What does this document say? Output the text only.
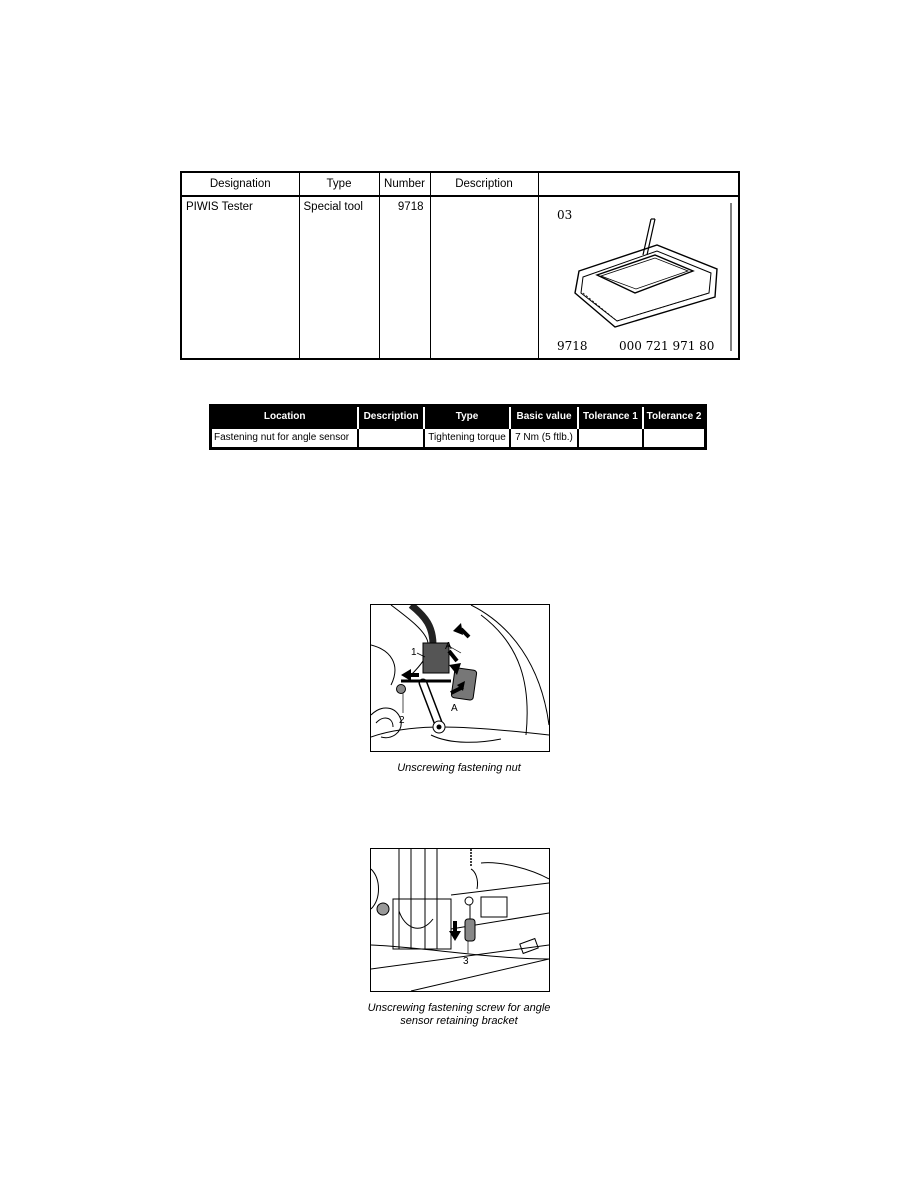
Designation	Type	Number	Description	
PIWIS Tester	Special tool	9718		03
9718 000 721 971 80
Location	Description	Type	Basic value	Tolerance 1	Tolerance 2
Fastening nut for angle sensor		Tightening torque	7 Nm (5 ftlb.)		
1
2
A
A
Unscrewing fastening nut
3
Unscrewing fastening screw for angle
sensor retaining bracket
